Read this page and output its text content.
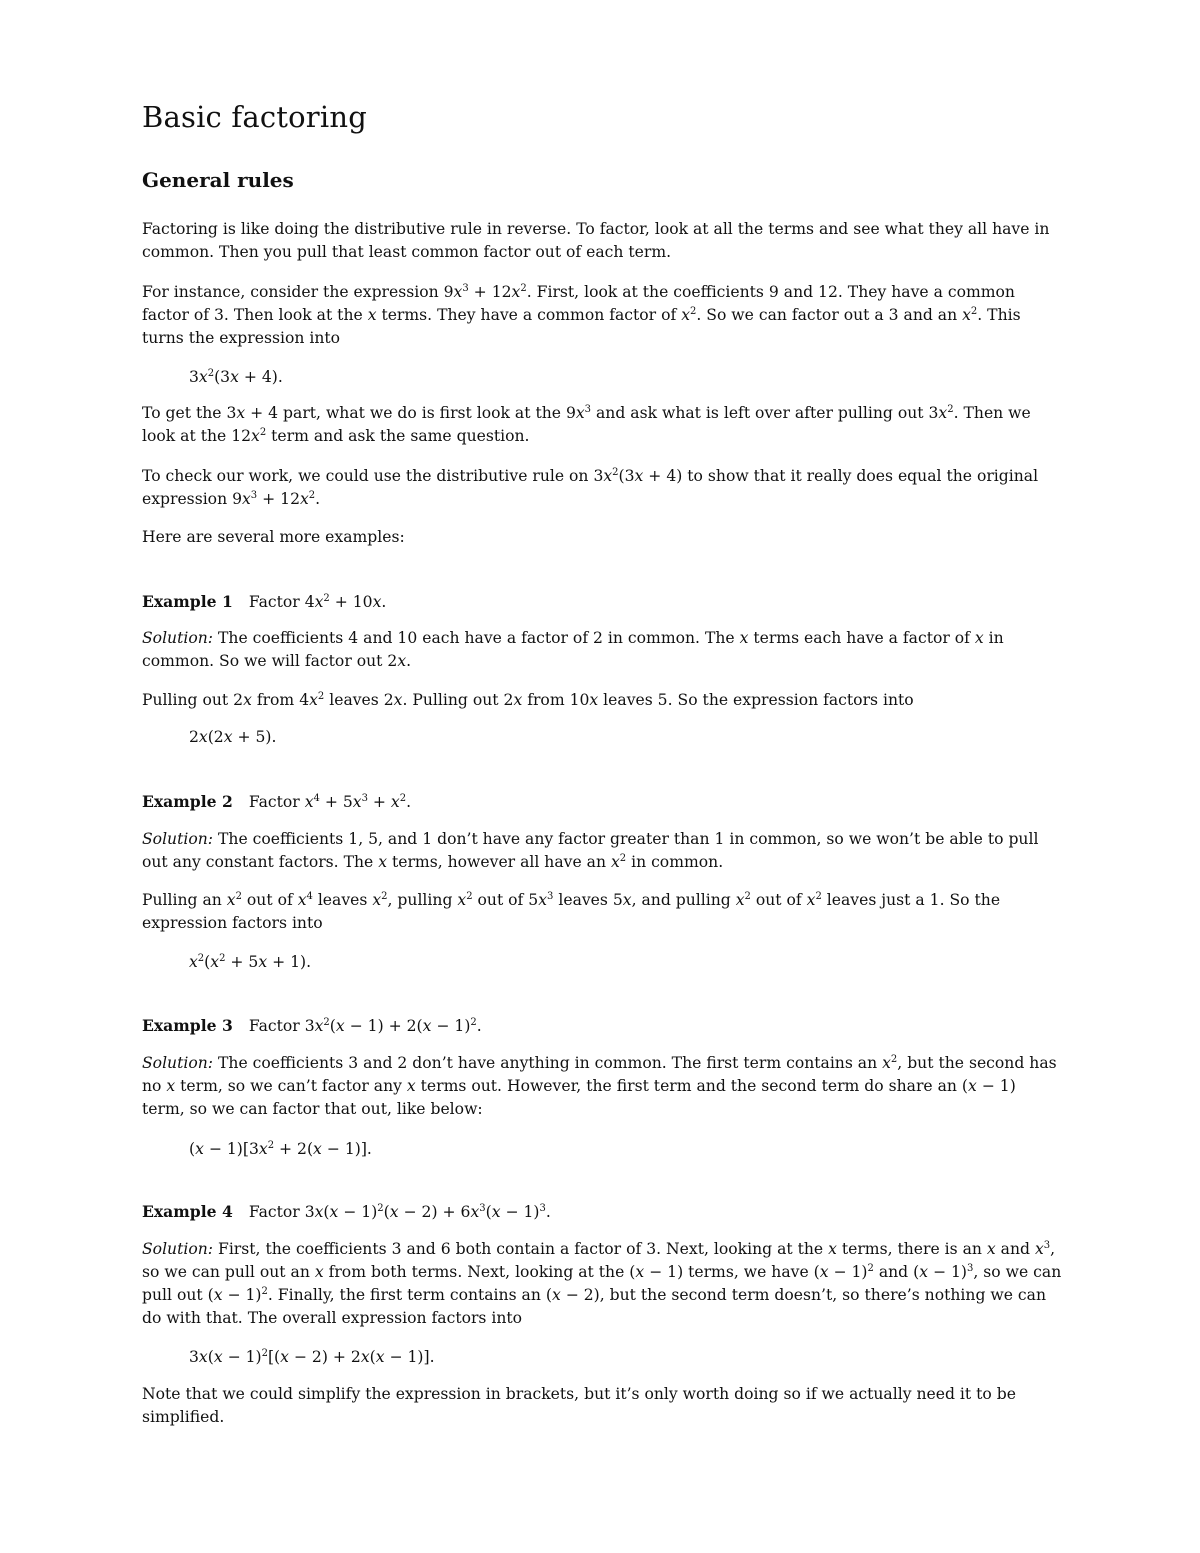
Basic factoring
General rules

Factoring is like doing the distributive rule in reverse. To factor, look at all the terms and see what they all have in common. Then you pull that least common factor out of each term.

For instance, consider the expression $9x^3 + 12x^2$. First, look at the coefficients 9 and 12. They have a common factor of 3. Then look at the x terms. They have a common factor of $x^2$. So we can factor out a 3 and an $x^2$. This turns the expression into

$3x^2(3x + 4)$.

To get the 3x + 4 part, what we do is first look at the $9x^3$ and ask what is left over after pulling out $3x^2$. Then we look at the $12x^2$ term and ask the same question.

To check our work, we could use the distributive rule on $3x^2(3x + 4)$ to show that it really does equal the original expression $9x^3 + 12x^2$.

Here are several more examples:

Example 1 Factor $4x^2 + 10x$.

Solution: The coefficients 4 and 10 each have a factor of 2 in common. The x terms each have a factor of x in common. So we will factor out 2x.

Pulling out 2x from $4x^2$ leaves 2x. Pulling out 2x from 10x leaves 5. So the expression factors into

2x(2x + 5).

Example 2 Factor $x^4 + 5x^3 + x^2$.

Solution: The coefficients 1, 5, and 1 don’t have any factor greater than 1 in common, so we won’t be able to pull out any constant factors. The x terms, however all have an $x^2$ in common.

Pulling an $x^2$ out of $x^4$ leaves $x^2$, pulling $x^2$ out of $5x^3$ leaves 5x, and pulling $x^2$ out of $x^2$ leaves just a 1. So the expression factors into

$x^2(x^2 + 5x + 1)$.

Example 3 Factor $3x^2(x - 1) + 2(x - 1)^2$.

Solution: The coefficients 3 and 2 don’t have anything in common. The first term contains an $x^2$, but the second has no x term, so we can’t factor any x terms out. However, the first term and the second term do share an (x − 1) term, so we can factor that out, like below:

$(x - 1)[3x^2 + 2(x - 1)]$.

Example 4 Factor $3x(x - 1)^2(x - 2) + 6x^3(x - 1)^3$.

Solution: First, the coefficients 3 and 6 both contain a factor of 3. Next, looking at the x terms, there is an x and $x^3$, so we can pull out an x from both terms. Next, looking at the (x − 1) terms, we have $(x - 1)^2$ and $(x - 1)^3$, so we can pull out $(x - 1)^2$. Finally, the first term contains an (x − 2), but the second term doesn’t, so there’s nothing we can do with that. The overall expression factors into

$3x(x - 1)^2[(x - 2) + 2x(x - 1)]$.

Note that we could simplify the expression in brackets, but it’s only worth doing so if we actually need it to be simplified.
